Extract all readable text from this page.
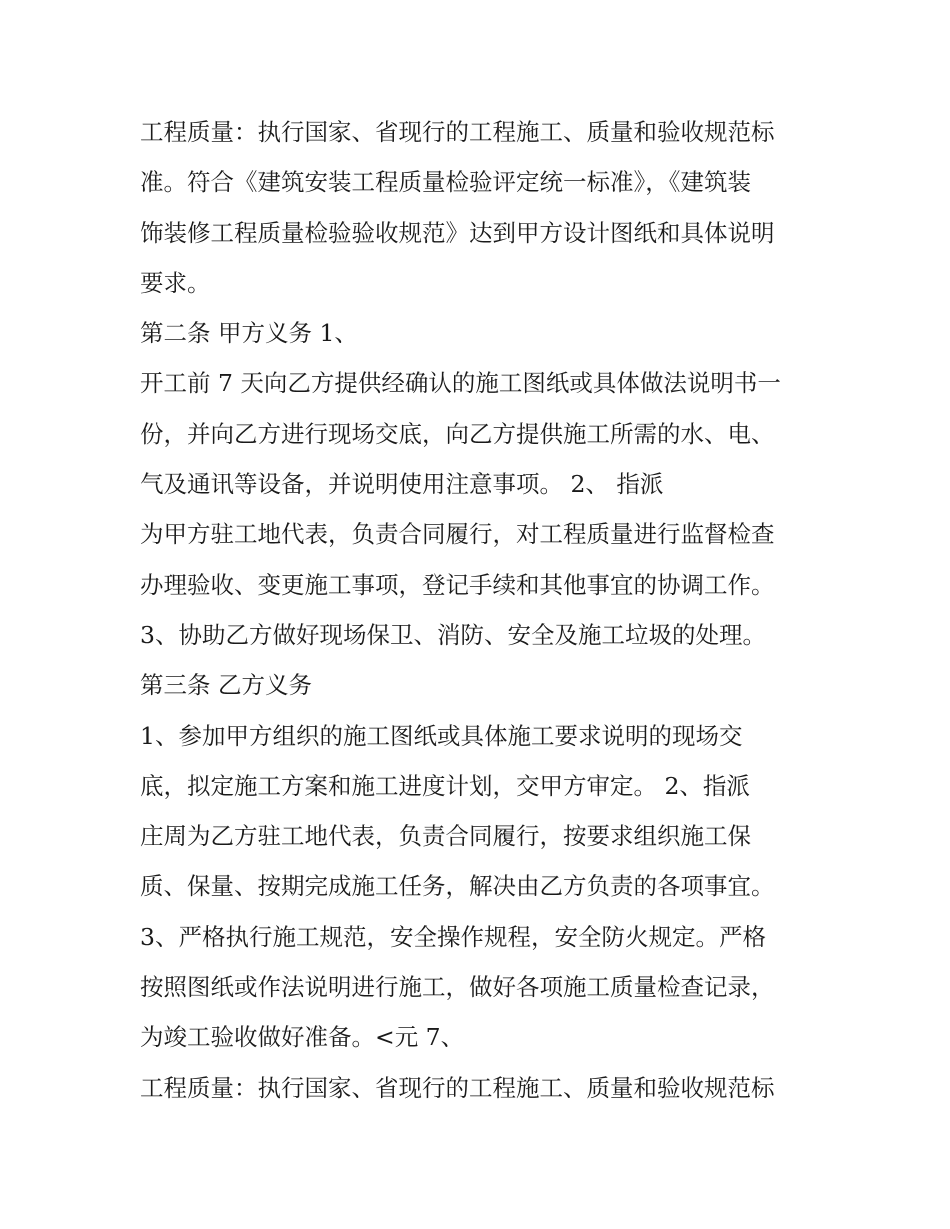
工程质量：执行国家、省现行的工程施工、质量和验收规范标
准。符合《建筑安装工程质量检验评定统一标准》，《建筑装
饰装修工程质量检验验收规范》达到甲方设计图纸和具体说明
要求。
第二条 甲方义务 1、
开工前 7 天向乙方提供经确认的施工图纸或具体做法说明书一
份，并向乙方进行现场交底，向乙方提供施工所需的水、电、
气及通讯等设备，并说明使用注意事项。 2、 指派
为甲方驻工地代表，负责合同履行，对工程质量进行监督检查
办理验收、变更施工事项，登记手续和其他事宜的协调工作。
3、协助乙方做好现场保卫、消防、安全及施工垃圾的处理。
第三条 乙方义务
1、参加甲方组织的施工图纸或具体施工要求说明的现场交
底，拟定施工方案和施工进度计划，交甲方审定。 2、指派
庄周为乙方驻工地代表，负责合同履行，按要求组织施工保
质、保量、按期完成施工任务，解决由乙方负责的各项事宜。
3、严格执行施工规范，安全操作规程，安全防火规定。严格
按照图纸或作法说明进行施工，做好各项施工质量检查记录，
为竣工验收做好准备。<元 7、
工程质量：执行国家、省现行的工程施工、质量和验收规范标
